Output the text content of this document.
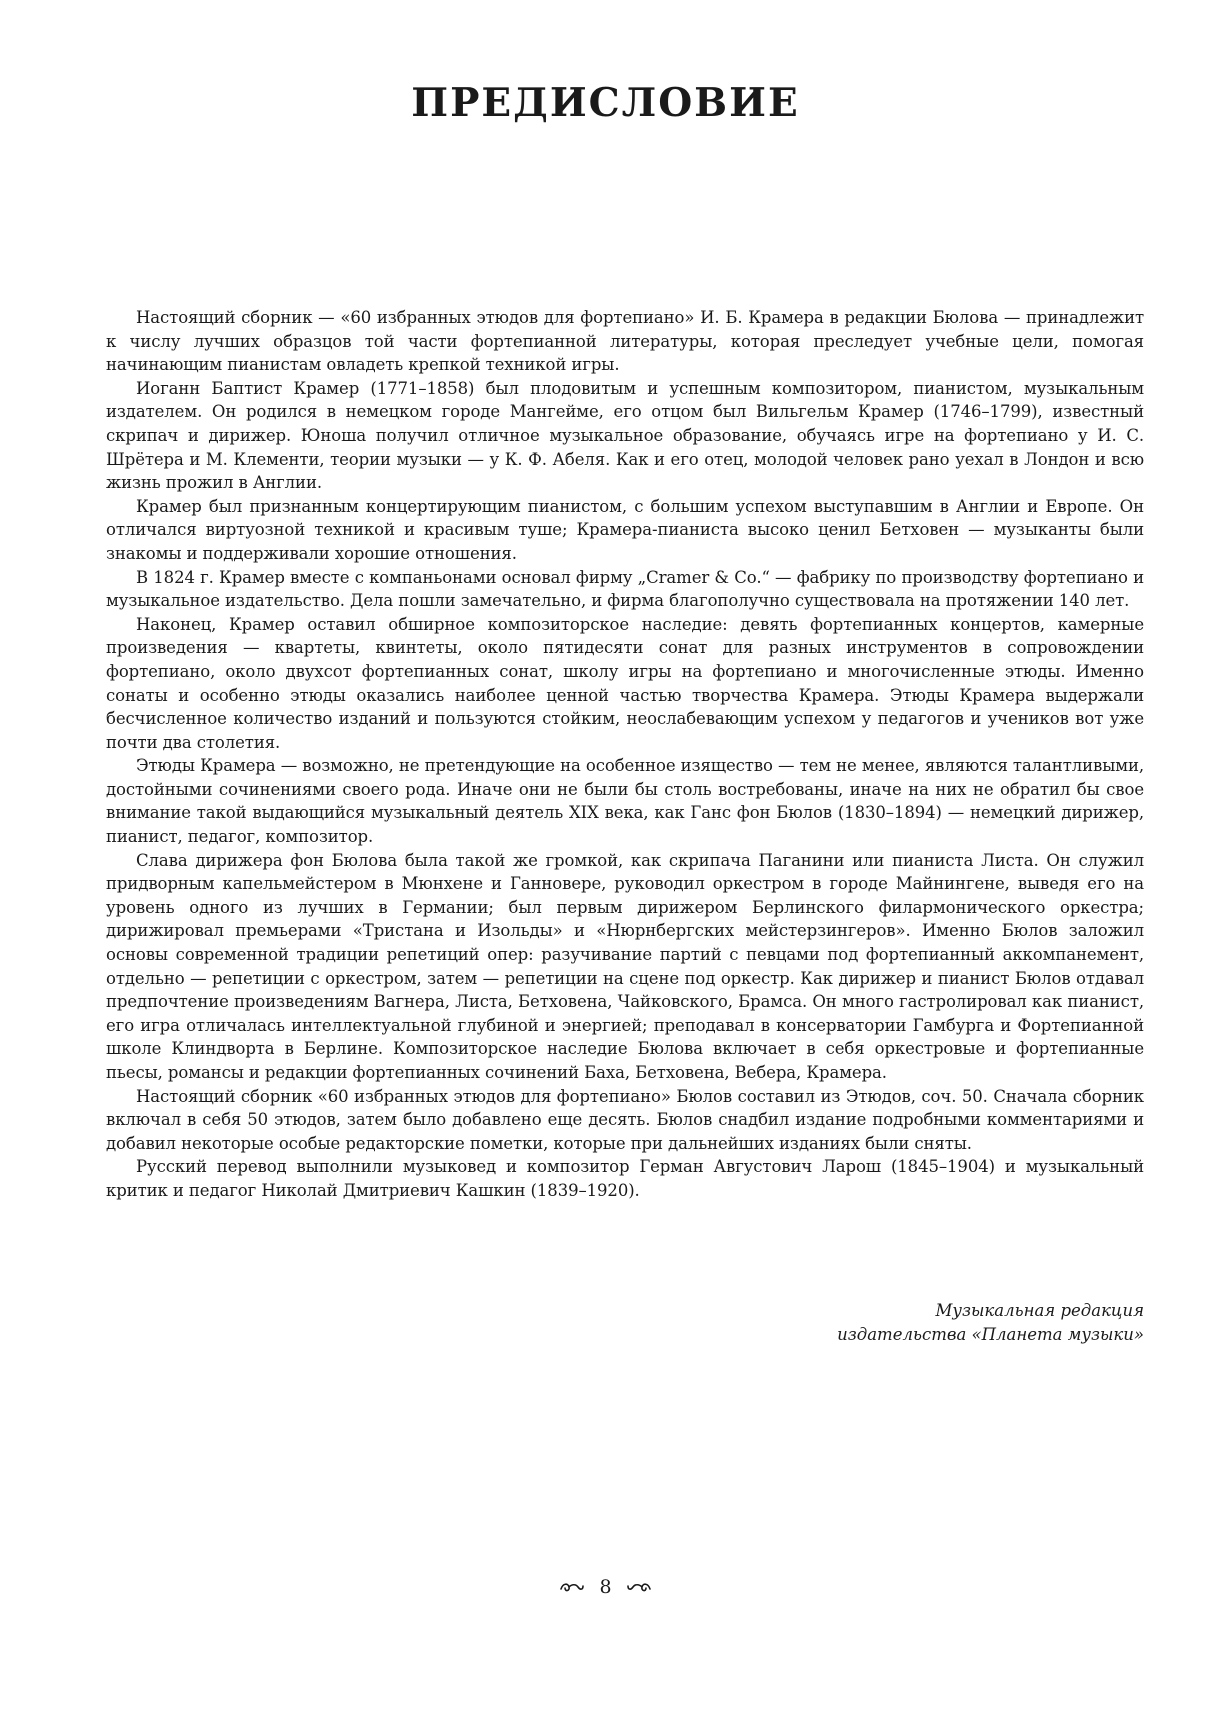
ПРЕДИСЛОВИЕ

Настоящий сборник — «60 избранных этюдов для фортепиано» И. Б. Крамера в редакции Бюлова — принадлежит к числу лучших образцов той части фортепианной литературы, которая преследует учебные цели, помогая начинающим пианистам овладеть крепкой техникой игры.

Иоганн Баптист Крамер (1771–1858) был плодовитым и успешным композитором, пианистом, музыкальным издателем. Он родился в немецком городе Мангейме, его отцом был Вильгельм Крамер (1746–1799), известный скрипач и дирижер. Юноша получил отличное музыкальное образование, обучаясь игре на фортепиано у И. С. Шрётера и М. Клементи, теории музыки — у К. Ф. Абеля. Как и его отец, молодой человек рано уехал в Лондон и всю жизнь прожил в Англии.

Крамер был признанным концертирующим пианистом, с большим успехом выступавшим в Англии и Европе. Он отличался виртуозной техникой и красивым туше; Крамера-пианиста высоко ценил Бетховен — музыканты были знакомы и поддерживали хорошие отношения.

В 1824 г. Крамер вместе с компаньонами основал фирму „Cramer & Co.“ — фабрику по производству фортепиано и музыкальное издательство. Дела пошли замечательно, и фирма благополучно существовала на протяжении 140 лет.

Наконец, Крамер оставил обширное композиторское наследие: девять фортепианных концертов, камерные произведения — квартеты, квинтеты, около пятидесяти сонат для разных инструментов в сопровождении фортепиано, около двухсот фортепианных сонат, школу игры на фортепиано и многочисленные этюды. Именно сонаты и особенно этюды оказались наиболее ценной частью творчества Крамера. Этюды Крамера выдержали бесчисленное количество изданий и пользуются стойким, неослабевающим успехом у педагогов и учеников вот уже почти два столетия.

Этюды Крамера — возможно, не претендующие на особенное изящество — тем не менее, являются талантливыми, достойными сочинениями своего рода. Иначе они не были бы столь востребованы, иначе на них не обратил бы свое внимание такой выдающийся музыкальный деятель XIX века, как Ганс фон Бюлов (1830–1894) — немецкий дирижер, пианист, педагог, композитор.

Слава дирижера фон Бюлова была такой же громкой, как скрипача Паганини или пианиста Листа. Он служил придворным капельмейстером в Мюнхене и Ганновере, руководил оркестром в городе Майнингене, выведя его на уровень одного из лучших в Германии; был первым дирижером Берлинского филармонического оркестра; дирижировал премьерами «Тристана и Изольды» и «Нюрнбергских мейстерзингеров». Именно Бюлов заложил основы современной традиции репетиций опер: разучивание партий с певцами под фортепианный аккомпанемент, отдельно — репетиции с оркестром, затем — репетиции на сцене под оркестр. Как дирижер и пианист Бюлов отдавал предпочтение произведениям Вагнера, Листа, Бетховена, Чайковского, Брамса. Он много гастролировал как пианист, его игра отличалась интеллектуальной глубиной и энергией; преподавал в консерватории Гамбурга и Фортепианной школе Клиндворта в Берлине. Композиторское наследие Бюлова включает в себя оркестровые и фортепианные пьесы, романсы и редакции фортепианных сочинений Баха, Бетховена, Вебера, Крамера.

Настоящий сборник «60 избранных этюдов для фортепиано» Бюлов составил из Этюдов, соч. 50. Сначала сборник включал в себя 50 этюдов, затем было добавлено еще десять. Бюлов снадбил издание подробными комментариями и добавил некоторые особые редакторские пометки, которые при дальнейших изданиях были сняты.

Русский перевод выполнили музыковед и композитор Герман Августович Ларош (1845–1904) и музыкальный критик и педагог Николай Дмитриевич Кашкин (1839–1920).

Музыкальная редакция
издательства «Планета музыки»
8
